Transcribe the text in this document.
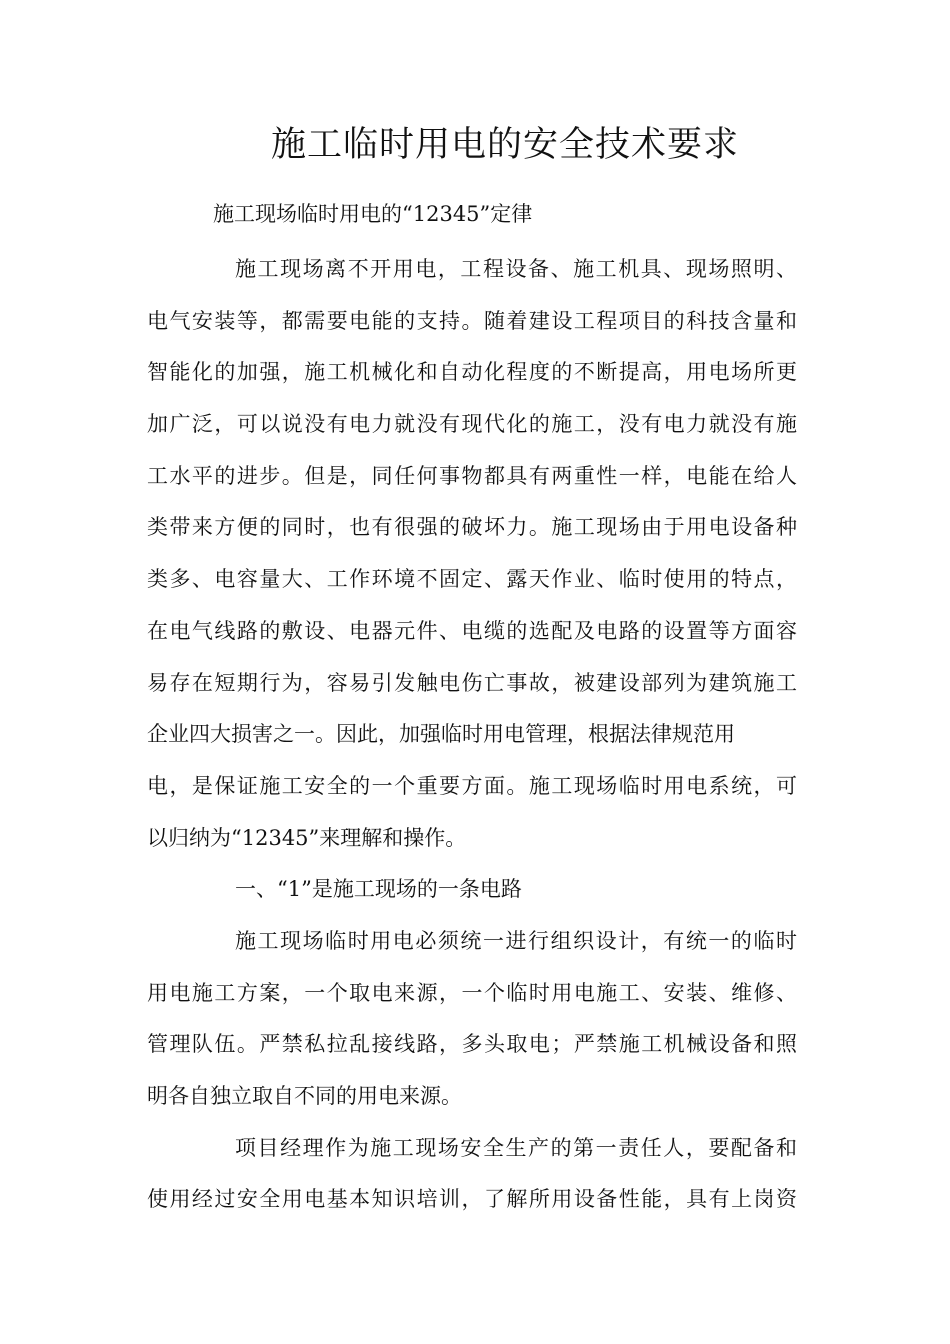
施工临时用电的安全技术要求
施工现场临时用电的“12345”定律
施工现场离不开用电，工程设备、施工机具、现场照明、
电气安装等，都需要电能的支持。随着建设工程项目的科技含量和
智能化的加强，施工机械化和自动化程度的不断提高，用电场所更
加广泛，可以说没有电力就没有现代化的施工，没有电力就没有施
工水平的进步。但是，同任何事物都具有两重性一样，电能在给人
类带来方便的同时，也有很强的破坏力。施工现场由于用电设备种
类多、电容量大、工作环境不固定、露天作业、临时使用的特点，
在电气线路的敷设、电器元件、电缆的选配及电路的设置等方面容
易存在短期行为，容易引发触电伤亡事故，被建设部列为建筑施工
企业四大损害之一。因此，加强临时用电管理，根据法律规范用
电，是保证施工安全的一个重要方面。施工现场临时用电系统，可
以归纳为“12345”来理解和操作。
一、“1”是施工现场的一条电路
施工现场临时用电必须统一进行组织设计，有统一的临时
用电施工方案，一个取电来源，一个临时用电施工、安装、维修、
管理队伍。严禁私拉乱接线路，多头取电；严禁施工机械设备和照
明各自独立取自不同的用电来源。
项目经理作为施工现场安全生产的第一责任人，要配备和
使用经过安全用电基本知识培训，了解所用设备性能，具有上岗资
